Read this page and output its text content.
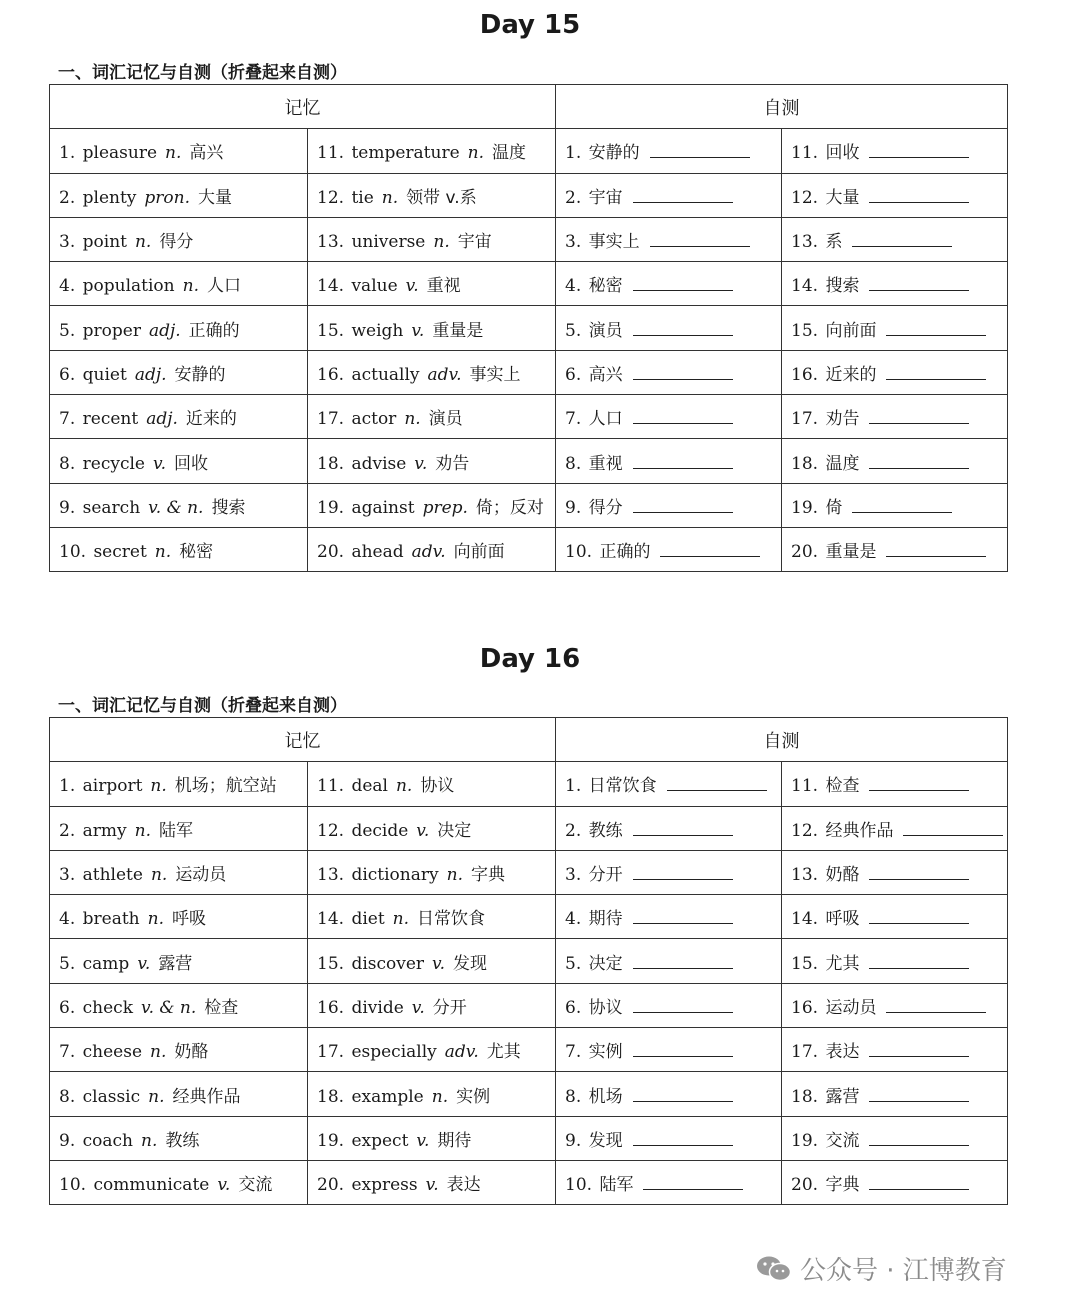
Day 15
一、词汇记忆与自测（折叠起来自测）
记忆		自测	
1. pleasure n. 高兴	11. temperature n. 温度	1. 安静的	11. 回收
2. plenty pron. 大量	12. tie n. 领带 v.系	2. 宇宙	12. 大量
3. point n. 得分	13. universe n. 宇宙	3. 事实上	13. 系
4. population n. 人口	14. value v. 重视	4. 秘密	14. 搜索
5. proper adj. 正确的	15. weigh v. 重量是	5. 演员	15. 向前面
6. quiet adj. 安静的	16. actually adv. 事实上	6. 高兴	16. 近来的
7. recent adj. 近来的	17. actor n. 演员	7. 人口	17. 劝告
8. recycle v. 回收	18. advise v. 劝告	8. 重视	18. 温度
9. search v. & n. 搜索	19. against prep. 倚；反对	9. 得分	19. 倚
10. secret n. 秘密	20. ahead adv. 向前面	10. 正确的	20. 重量是
Day 16
一、词汇记忆与自测（折叠起来自测）
记忆		自测	
1. airport n. 机场；航空站	11. deal n. 协议	1. 日常饮食	11. 检查
2. army n. 陆军	12. decide v. 决定	2. 教练	12. 经典作品
3. athlete n. 运动员	13. dictionary n. 字典	3. 分开	13. 奶酪
4. breath n. 呼吸	14. diet n. 日常饮食	4. 期待	14. 呼吸
5. camp v. 露营	15. discover v. 发现	5. 决定	15. 尤其
6. check v. & n. 检查	16. divide v. 分开	6. 协议	16. 运动员
7. cheese n. 奶酪	17. especially adv. 尤其	7. 实例	17. 表达
8. classic n. 经典作品	18. example n. 实例	8. 机场	18. 露营
9. coach n. 教练	19. expect v. 期待	9. 发现	19. 交流
10. communicate v. 交流	20. express v. 表达	10. 陆军	20. 字典
公众号 · 江博教育
